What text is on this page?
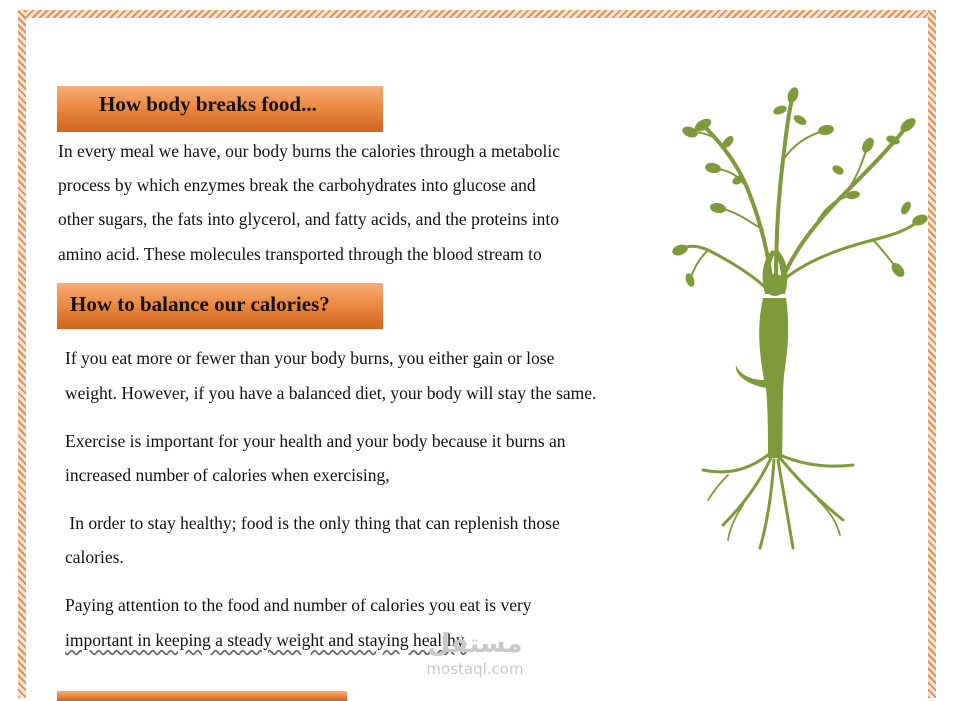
How body breaks food...

In every meal we have, our body burns the calories through a metabolic

process by which enzymes break the carbohydrates into glucose and

other sugars, the fats into glycerol, and fatty acids, and the proteins into

amino acid. These molecules transported through the blood stream to

How to balance our calories?

If you eat more or fewer than your body burns, you either gain or lose

weight. However, if you have a balanced diet, your body will stay the same.

Exercise is important for your health and your body because it burns an

increased number of calories when exercising,

In order to stay healthy; food is the only thing that can replenish those

calories.

Paying attention to the food and number of calories you eat is very

important in keeping a steady weight and staying healthy.

مستقل
mostaql.com
